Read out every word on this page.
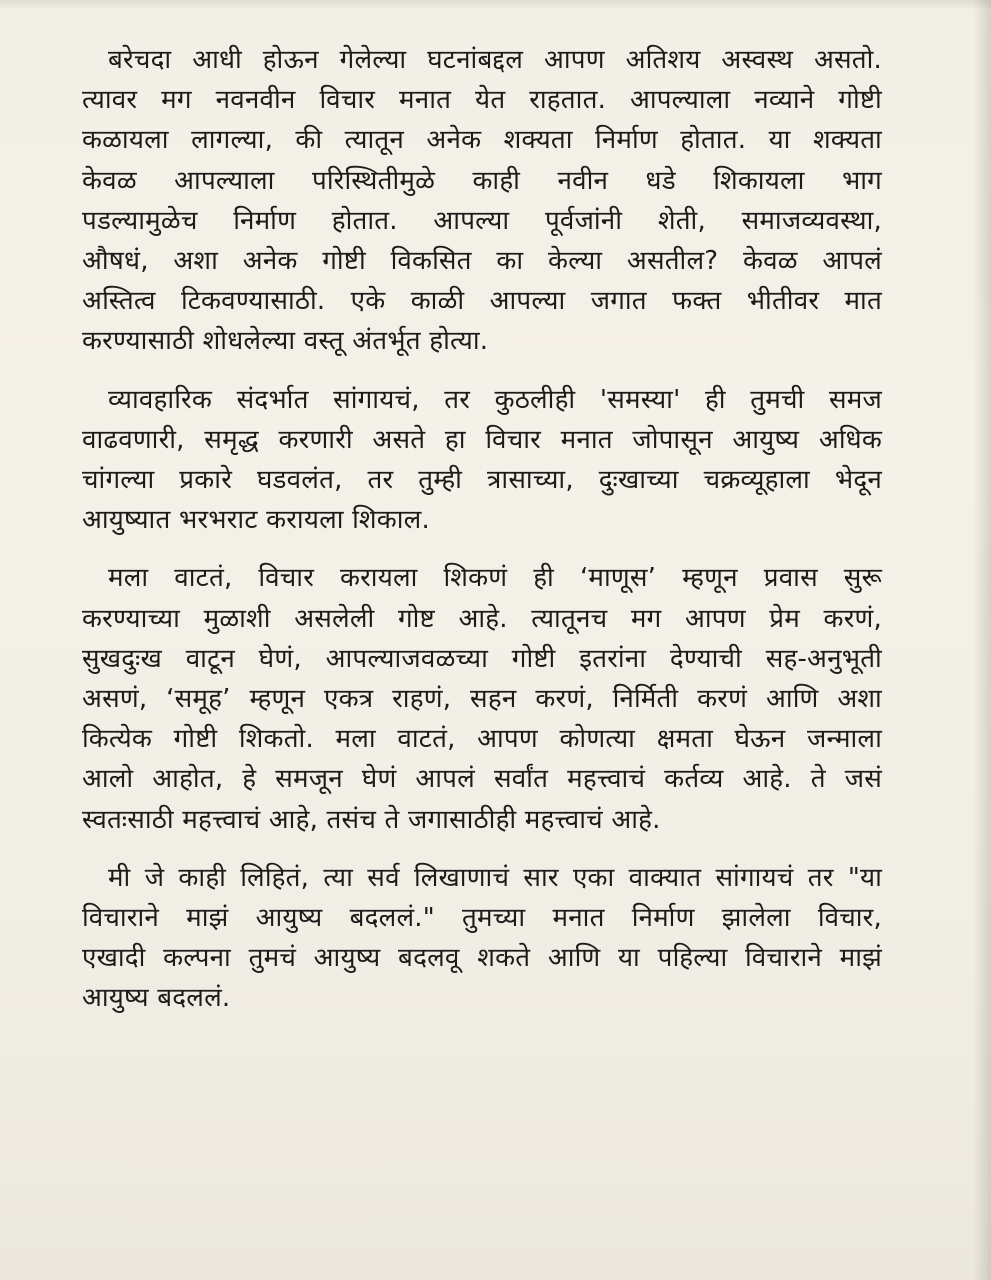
बरेचदा आधी होऊन गेलेल्या घटनांबद्दल आपण अतिशय अस्वस्थ असतो.
त्यावर मग नवनवीन विचार मनात येत राहतात. आपल्याला नव्याने गोष्टी
कळायला लागल्या, की त्यातून अनेक शक्यता निर्माण होतात. या शक्यता
केवळ आपल्याला परिस्थितीमुळे काही नवीन धडे शिकायला भाग
पडल्यामुळेच निर्माण होतात. आपल्या पूर्वजांनी शेती, समाजव्यवस्था,
औषधं, अशा अनेक गोष्टी विकसित का केल्या असतील? केवळ आपलं
अस्तित्व टिकवण्यासाठी. एके काळी आपल्या जगात फक्त भीतीवर मात
करण्यासाठी शोधलेल्या वस्तू अंतर्भूत होत्या.

व्यावहारिक संदर्भात सांगायचं, तर कुठलीही 'समस्या' ही तुमची समज
वाढवणारी, समृद्ध करणारी असते हा विचार मनात जोपासून आयुष्य अधिक
चांगल्या प्रकारे घडवलंत, तर तुम्ही त्रासाच्या, दुःखाच्या चक्रव्यूहाला भेदून
आयुष्यात भरभराट करायला शिकाल.

मला वाटतं, विचार करायला शिकणं ही ‘माणूस’ म्हणून प्रवास सुरू
करण्याच्या मुळाशी असलेली गोष्ट आहे. त्यातूनच मग आपण प्रेम करणं,
सुखदुःख वाटून घेणं, आपल्याजवळच्या गोष्टी इतरांना देण्याची सह-अनुभूती
असणं, ‘समूह’ म्हणून एकत्र राहणं, सहन करणं, निर्मिती करणं आणि अशा
कित्येक गोष्टी शिकतो. मला वाटतं, आपण कोणत्या क्षमता घेऊन जन्माला
आलो आहोत, हे समजून घेणं आपलं सर्वांत महत्त्वाचं कर्तव्य आहे. ते जसं
स्वतःसाठी महत्त्वाचं आहे, तसंच ते जगासाठीही महत्त्वाचं आहे.

मी जे काही लिहितं, त्या सर्व लिखाणाचं सार एका वाक्यात सांगायचं तर "या
विचाराने माझं आयुष्य बदललं." तुमच्या मनात निर्माण झालेला विचार,
एखादी कल्पना तुमचं आयुष्य बदलवू शकते आणि या पहिल्या विचाराने माझं
आयुष्य बदललं.
